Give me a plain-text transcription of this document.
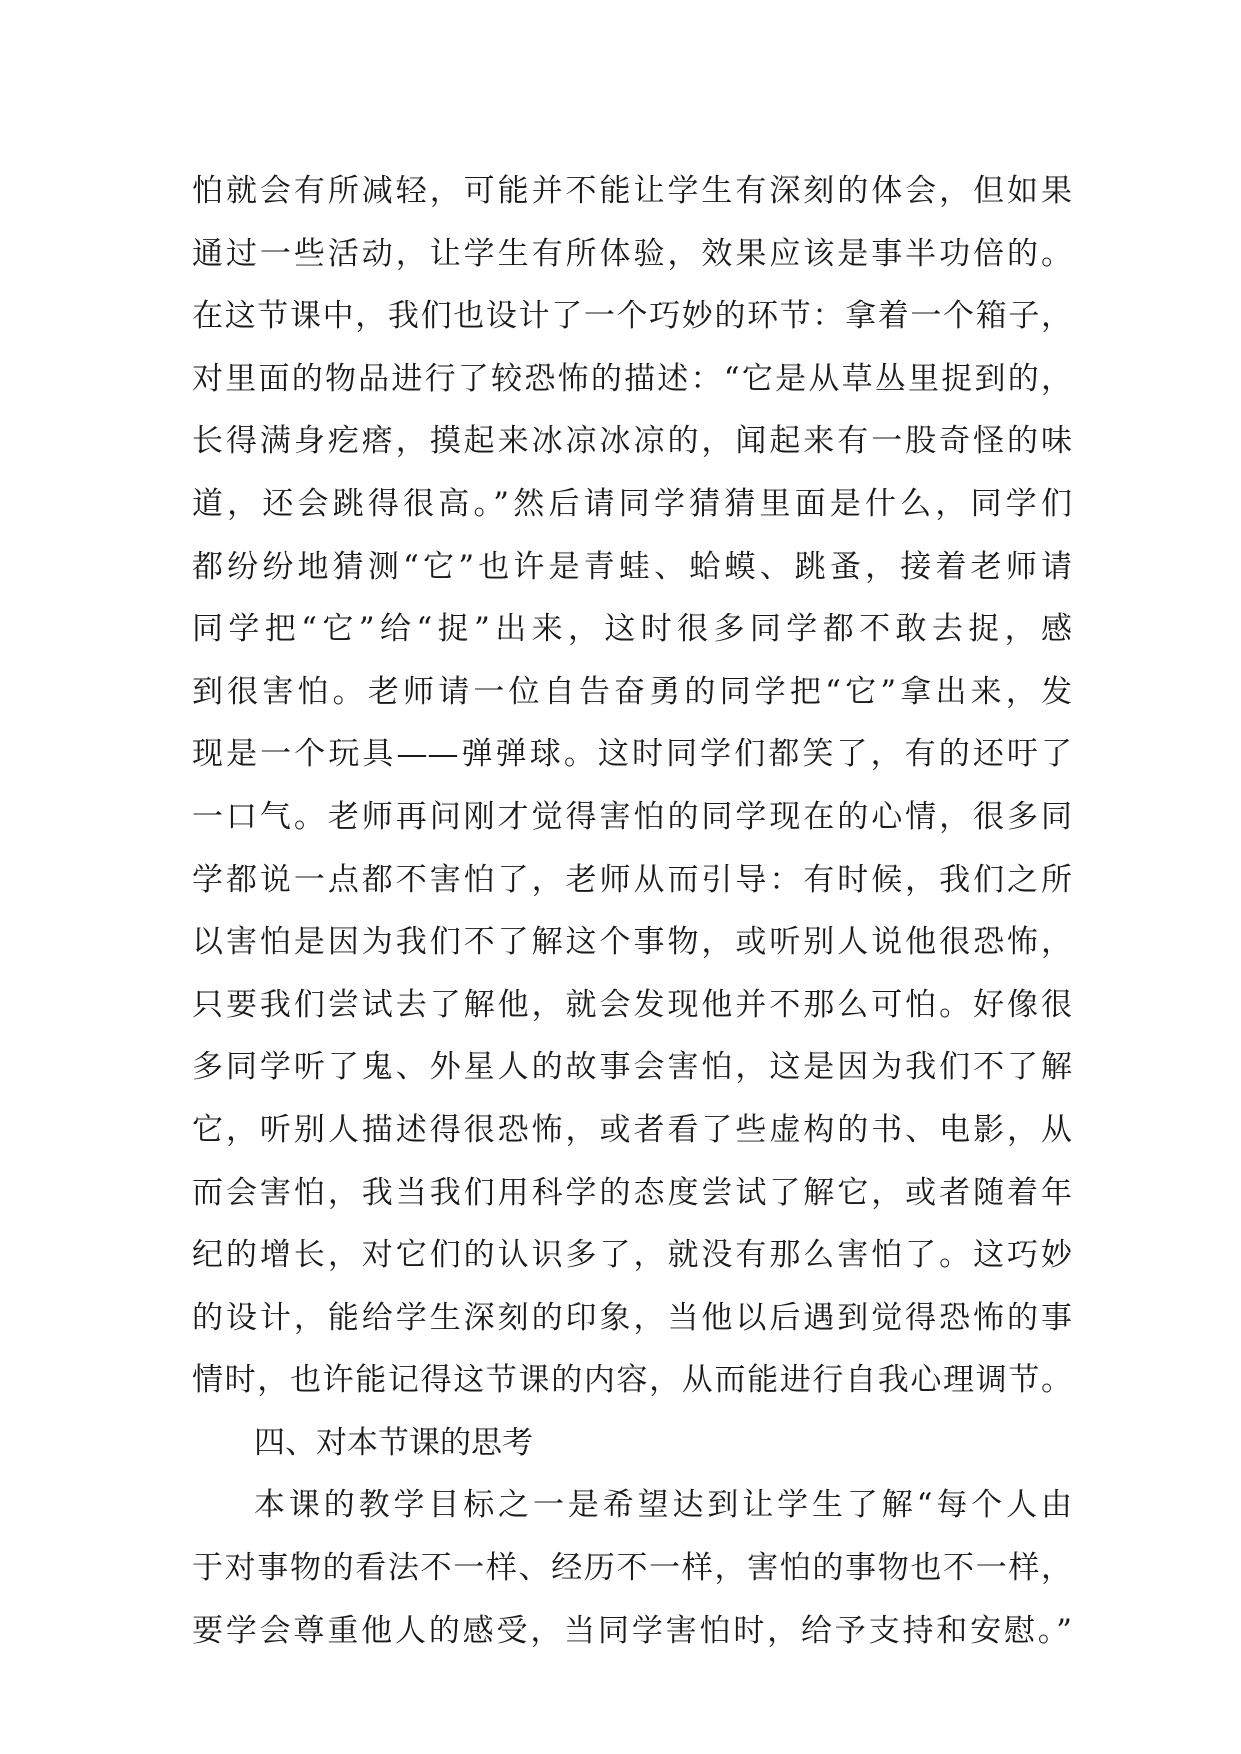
怕就会有所减轻，可能并不能让学生有深刻的体会，但如果
通过一些活动，让学生有所体验，效果应该是事半功倍的。
在这节课中，我们也设计了一个巧妙的环节：拿着一个箱子，
对里面的物品进行了较恐怖的描述：“它是从草丛里捉到的，
长得满身疙瘩，摸起来冰凉冰凉的，闻起来有一股奇怪的味
道，还会跳得很高。”然后请同学猜猜里面是什么，同学们
都纷纷地猜测“它”也许是青蛙、蛤蟆、跳蚤，接着老师请
同学把“它”给“捉”出来，这时很多同学都不敢去捉，感
到很害怕。老师请一位自告奋勇的同学把“它”拿出来，发
现是一个玩具——弹弹球。这时同学们都笑了，有的还吁了
一口气。老师再问刚才觉得害怕的同学现在的心情，很多同
学都说一点都不害怕了，老师从而引导：有时候，我们之所
以害怕是因为我们不了解这个事物，或听别人说他很恐怖，
只要我们尝试去了解他，就会发现他并不那么可怕。好像很
多同学听了鬼、外星人的故事会害怕，这是因为我们不了解
它，听别人描述得很恐怖，或者看了些虚构的书、电影，从
而会害怕，我当我们用科学的态度尝试了解它，或者随着年
纪的增长，对它们的认识多了，就没有那么害怕了。这巧妙
的设计，能给学生深刻的印象，当他以后遇到觉得恐怖的事
情时，也许能记得这节课的内容，从而能进行自我心理调节。
四、对本节课的思考
本课的教学目标之一是希望达到让学生了解“每个人由
于对事物的看法不一样、经历不一样，害怕的事物也不一样，
要学会尊重他人的感受，当同学害怕时，给予支持和安慰。”
